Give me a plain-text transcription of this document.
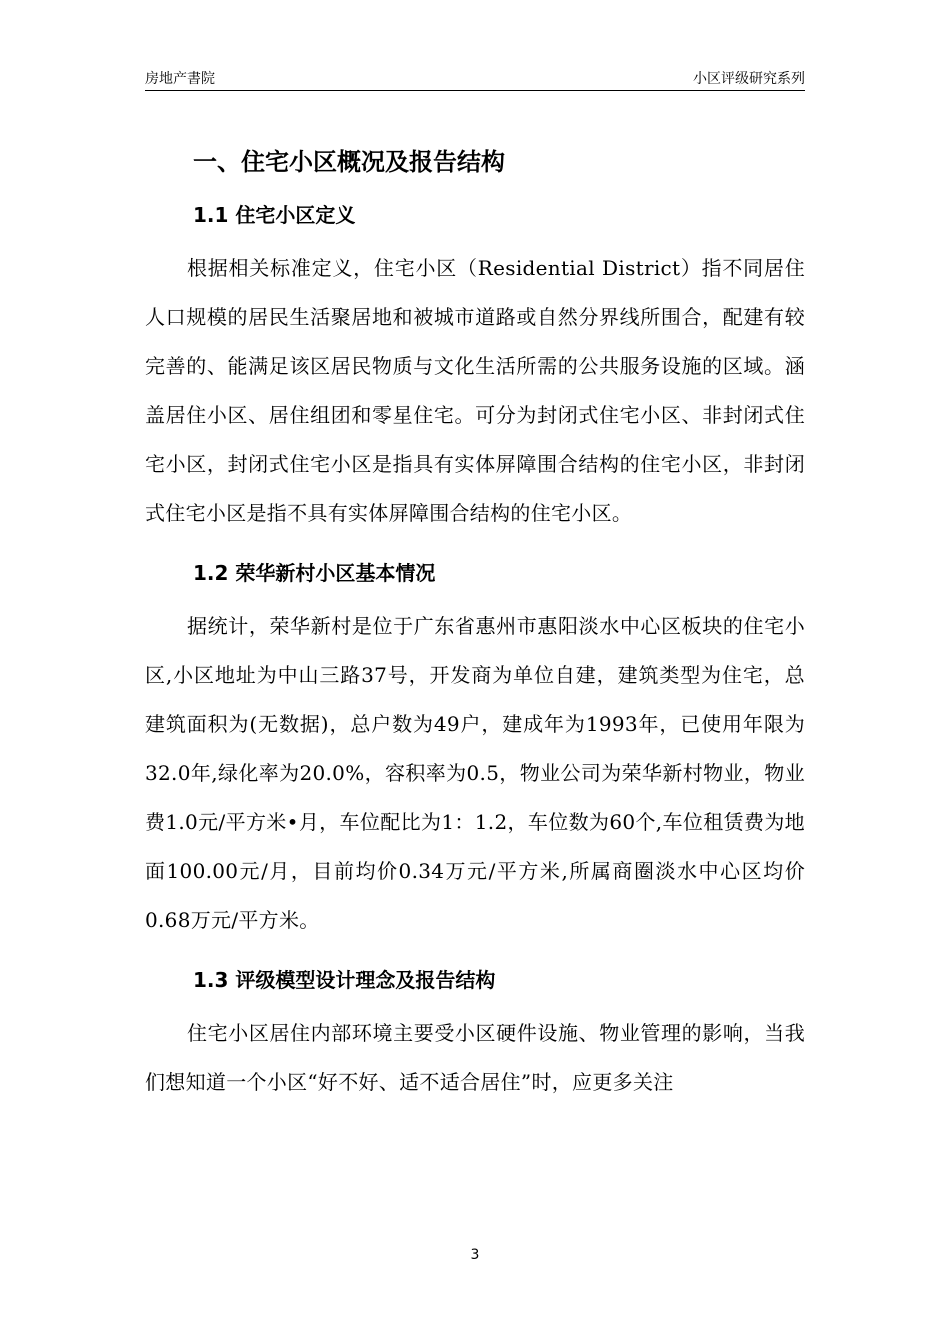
房地产書院	小区评级研究系列
一、住宅小区概况及报告结构
1.1 住宅小区定义

根据相关标准定义，住宅小区（Residential District）指不同居住人口规模的居民生活聚居地和被城市道路或自然分界线所围合，配建有较完善的、能满足该区居民物质与文化生活所需的公共服务设施的区域。涵盖居住小区、居住组团和零星住宅。可分为封闭式住宅小区、非封闭式住宅小区，封闭式住宅小区是指具有实体屏障围合结构的住宅小区，非封闭式住宅小区是指不具有实体屏障围合结构的住宅小区。

1.2 荣华新村小区基本情况

据统计，荣华新村是位于广东省惠州市惠阳淡水中心区板块的住宅小区,小区地址为中山三路37号，开发商为单位自建，建筑类型为住宅，总建筑面积为(无数据)，总户数为49户，建成年为1993年，已使用年限为32.0年,绿化率为20.0%，容积率为0.5，物业公司为荣华新村物业，物业费1.0元/平方米•月，车位配比为1：1.2，车位数为60个,车位租赁费为地面100.00元/月，目前均价0.34万元/平方米,所属商圈淡水中心区均价0.68万元/平方米。

1.3 评级模型设计理念及报告结构

住宅小区居住内部环境主要受小区硬件设施、物业管理的影响，当我们想知道一个小区“好不好、适不适合居住”时，应更多关注

3
